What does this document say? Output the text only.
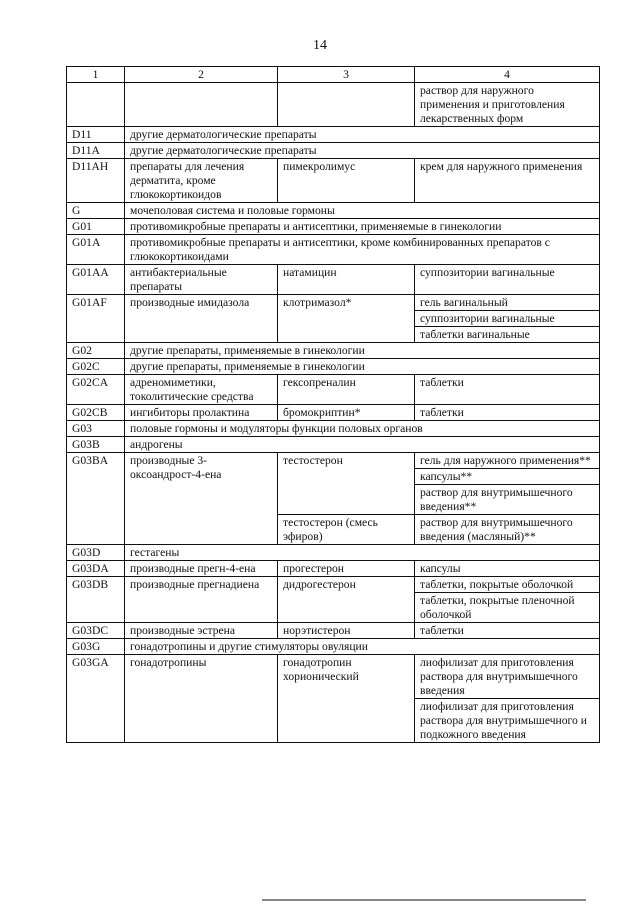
14
1	2	3	4
			раствор для наружного применения и приготовления лекарственных форм
D11	другие дерматологические препараты		
D11A	другие дерматологические препараты		
D11AH	препараты для лечения дерматита, кроме глюкокортикоидов	пимекролимус	крем для наружного применения
G	мочеполовая система и половые гормоны		
G01	противомикробные препараты и антисептики, применяемые в гинекологии		
G01A	противомикробные препараты и антисептики, кроме комбинированных препаратов с глюкокортикоидами		
G01AA	антибактериальные препараты	натамицин	суппозитории вагинальные
G01AF	производные имидазола	клотримазол*	гель вагинальный
			суппозитории вагинальные
			таблетки вагинальные
G02	другие препараты, применяемые в гинекологии		
G02C	другие препараты, применяемые в гинекологии		
G02CA	адреномиметики, токолитические средства	гексопреналин	таблетки
G02CB	ингибиторы пролактина	бромокриптин*	таблетки
G03	половые гормоны и модуляторы функции половых органов		
G03B	андрогены		
G03BA	производные 3-оксоандрост-4-ена	тестостерон	гель для наружного применения**
			капсулы**
			раствор для внутримышечного введения**
		тестостерон (смесь эфиров)	раствор для внутримышечного введения (масляный)**
G03D	гестагены		
G03DA	производные прегн-4-ена	прогестерон	капсулы
G03DB	производные прегнадиена	дидрогестерон	таблетки, покрытые оболочкой
			таблетки, покрытые пленочной оболочкой
G03DC	производные эстрена	норэтистерон	таблетки
G03G	гонадотропины и другие стимуляторы овуляции		
G03GA	гонадотропины	гонадотропин хорионический	лиофилизат для приготовления раствора для внутримышечного введения
			лиофилизат для приготовления раствора для внутримышечного и подкожного введения
